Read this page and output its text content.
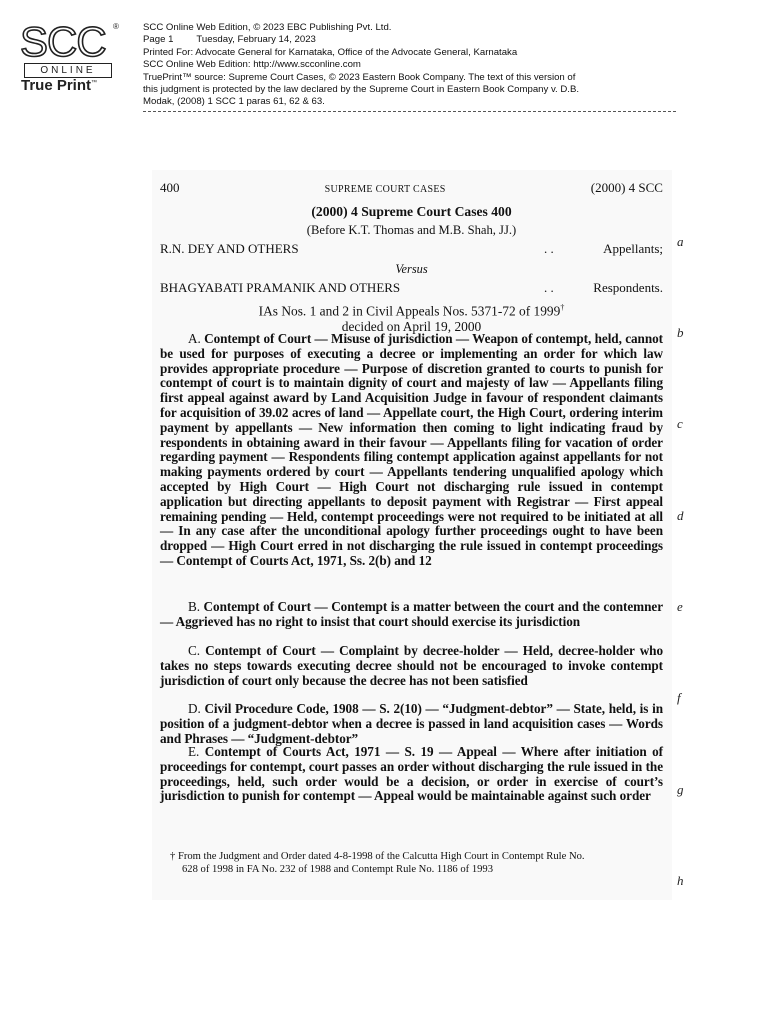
SCC ®
ONLINE
True Print™
SCC Online Web Edition, © 2023 EBC Publishing Pvt. Ltd.
Page 1 Tuesday, February 14, 2023
Printed For: Advocate General for Karnataka, Office of the Advocate General, Karnataka
SCC Online Web Edition: http://www.scconline.com
TruePrint™ source: Supreme Court Cases, © 2023 Eastern Book Company. The text of this version of
this judgment is protected by the law declared by the Supreme Court in Eastern Book Company v. D.B.
Modak, (2008) 1 SCC 1 paras 61, 62 & 63.
400	SUPREME COURT CASES	(2000) 4 SCC
(2000) 4 Supreme Court Cases 400
(Before K.T. Thomas and M.B. Shah, JJ.)
R.N. DEY AND OTHERS	. .	Appellants;
Versus
BHAGYABATI PRAMANIK AND OTHERS	. .	Respondents.
IAs Nos. 1 and 2 in Civil Appeals Nos. 5371-72 of 1999†
decided on April 19, 2000

A. Contempt of Court — Misuse of jurisdiction — Weapon of contempt, held, cannot be used for purposes of executing a decree or implementing an order for which law provides appropriate procedure — Purpose of discretion granted to courts to punish for contempt of court is to maintain dignity of court and majesty of law — Appellants filing first appeal against award by Land Acquisition Judge in favour of respondent claimants for acquisition of 39.02 acres of land — Appellate court, the High Court, ordering interim payment by appellants — New information then coming to light indicating fraud by respondents in obtaining award in their favour — Appellants filing for vacation of order regarding payment — Respondents filing contempt application against appellants for not making payments ordered by court — Appellants tendering unqualified apology which accepted by High Court — High Court not discharging rule issued in contempt application but directing appellants to deposit payment with Registrar — First appeal remaining pending — Held, contempt proceedings were not required to be initiated at all — In any case after the unconditional apology further proceedings ought to have been dropped — High Court erred in not discharging the rule issued in contempt proceedings — Contempt of Courts Act, 1971, Ss. 2(b) and 12

B. Contempt of Court — Contempt is a matter between the court and the contemner — Aggrieved has no right to insist that court should exercise its jurisdiction

C. Contempt of Court — Complaint by decree-holder — Held, decree-holder who takes no steps towards executing decree should not be encouraged to invoke contempt jurisdiction of court only because the decree has not been satisfied

D. Civil Procedure Code, 1908 — S. 2(10) — “Judgment-debtor” — State, held, is in position of a judgment-debtor when a decree is passed in land acquisition cases — Words and Phrases — “Judgment-debtor”

E. Contempt of Courts Act, 1971 — S. 19 — Appeal — Where after initiation of proceedings for contempt, court passes an order without discharging the rule issued in the proceedings, held, such order would be a decision, or order in exercise of court’s jurisdiction to punish for contempt — Appeal would be maintainable against such order

† From the Judgment and Order dated 4-8-1998 of the Calcutta High Court in Contempt Rule No.
628 of 1998 in FA No. 232 of 1988 and Contempt Rule No. 1186 of 1993
a
b
c
d
e
f
g
h
